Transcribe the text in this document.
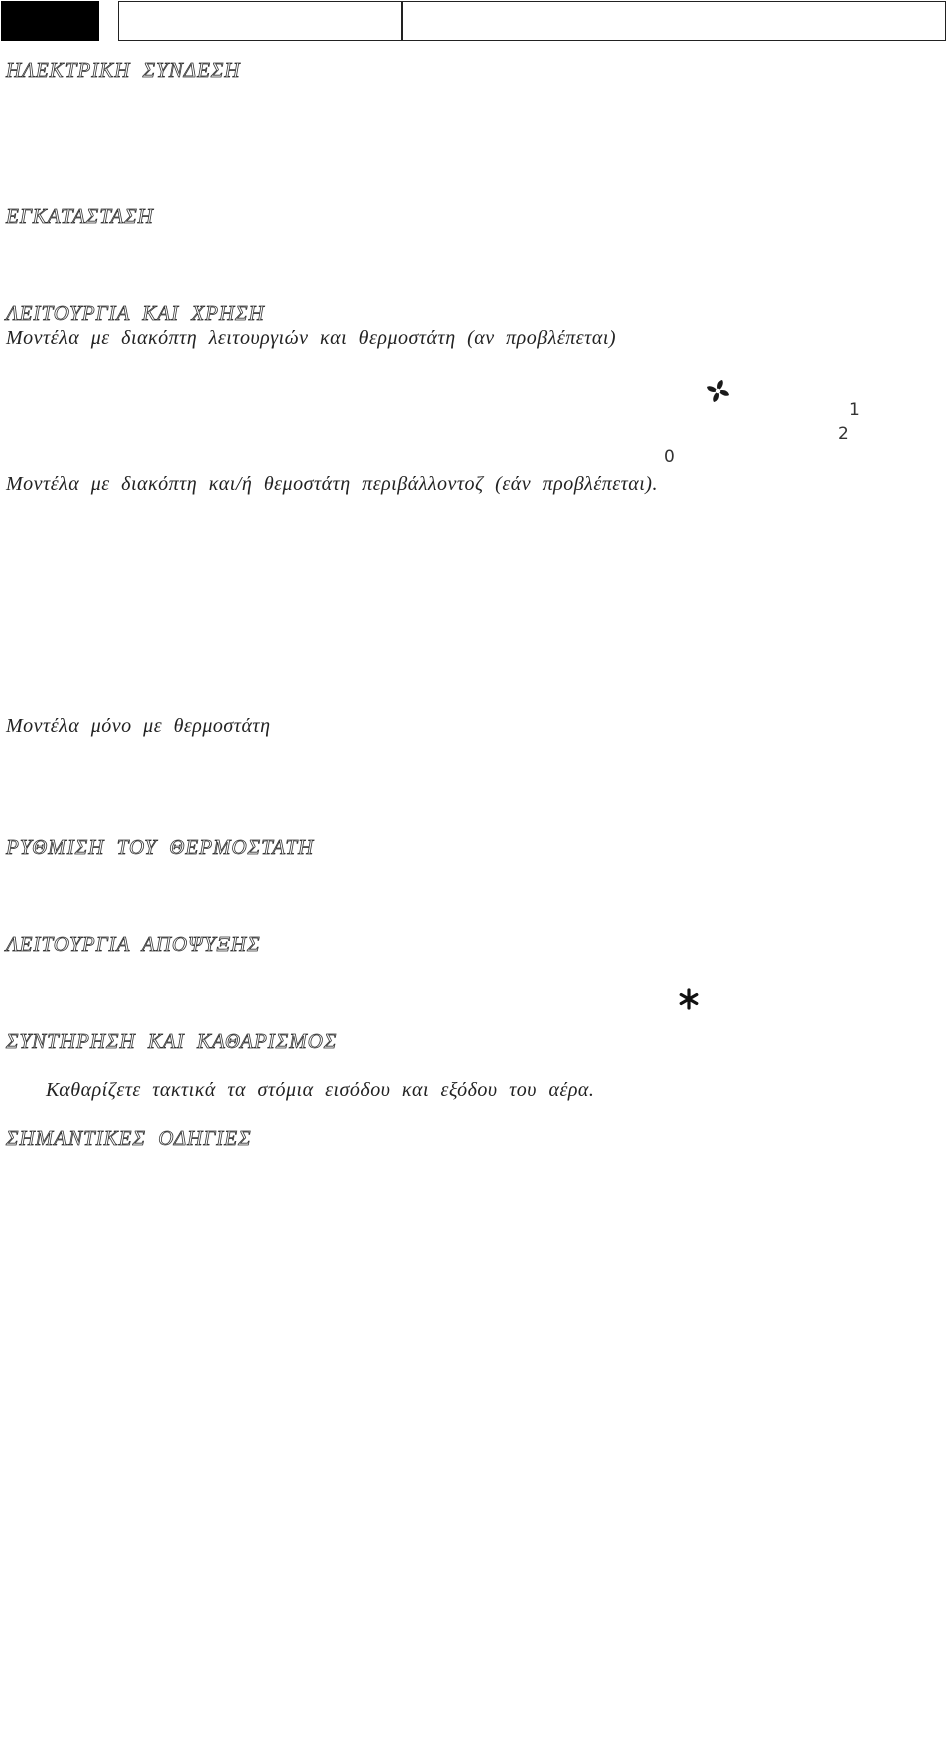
ΗΛΕΚΤΡΙΚΗ ΣΥΝΔΕΣΗ
ΕΓΚΑΤΑΣΤΑΣΗ
ΛΕΙΤΟΥΡΓΙΑ ΚΑΙ ΧΡΗΣΗ

Μοντέλα με διακόπτη λειτουργιών και θερμοστάτη (αν προβλέπεται)

1
2
0

Μοντέλα με διακόπτη και/ή θεμοστάτη περιβάλλοντοζ (εάν προβλέπεται).

Μοντέλα μόνο με θερμοστάτη

ΡΥΘΜΙΣΗ ΤΟΥ ΘΕΡΜΟΣΤΑΤΗ
ΛΕΙΤΟΥΡΓΙΑ ΑΠΟΨΥΞΗΣ
ΣΥΝΤΗΡΗΣΗ ΚΑΙ ΚΑΘΑΡΙΣΜΟΣ

Καθαρίζετε τακτικά τα στόμια εισόδου και εξόδου του αέρα.

ΣΗΜΑΝΤΙΚΕΣ ΟΔΗΓΙΕΣ
